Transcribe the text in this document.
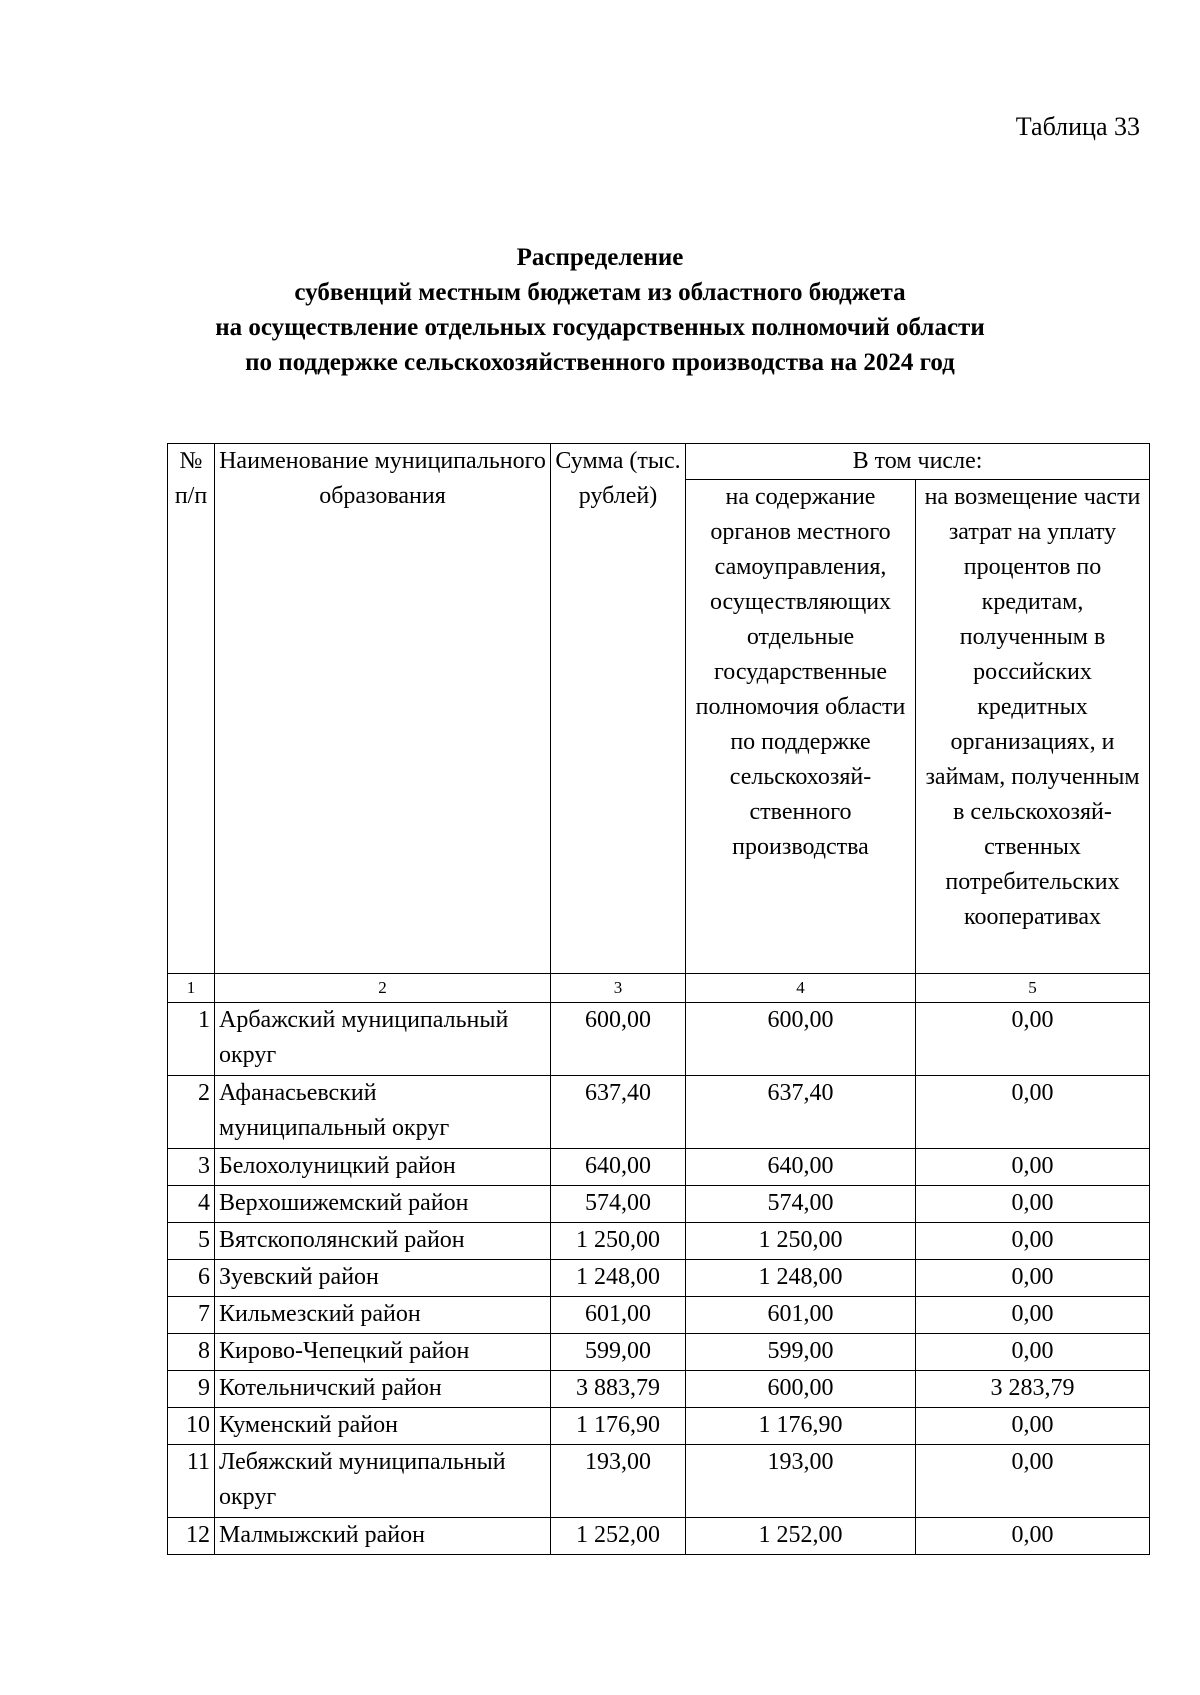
Таблица 33
Распределение
субвенций местным бюджетам из областного бюджета
на осуществление отдельных государственных полномочий области
по поддержке сельскохозяйственного производства на 2024 год
№ п/п	Наименование муниципального образования	Сумма (тыс. рублей)	В том числе:	
			на содержание органов местного самоуправления, осуществляющих отдельные государственные полномочия области по поддержке сельскохозяй-ственного производства	на возмещение части затрат на уплату процентов по кредитам, полученным в российских кредитных организациях, и займам, полученным в сельскохозяй-ственных потребительских кооперативах
1	2	3	4	5
1	Арбажский муниципальный округ	600,00	600,00	0,00
2	Афанасьевский муниципальный округ	637,40	637,40	0,00
3	Белохолуницкий район	640,00	640,00	0,00
4	Верхошижемский район	574,00	574,00	0,00
5	Вятскополянский район	1 250,00	1 250,00	0,00
6	Зуевский район	1 248,00	1 248,00	0,00
7	Кильмезский район	601,00	601,00	0,00
8	Кирово-Чепецкий район	599,00	599,00	0,00
9	Котельничский район	3 883,79	600,00	3 283,79
10	Куменский район	1 176,90	1 176,90	0,00
11	Лебяжский муниципальный округ	193,00	193,00	0,00
12	Малмыжский район	1 252,00	1 252,00	0,00
